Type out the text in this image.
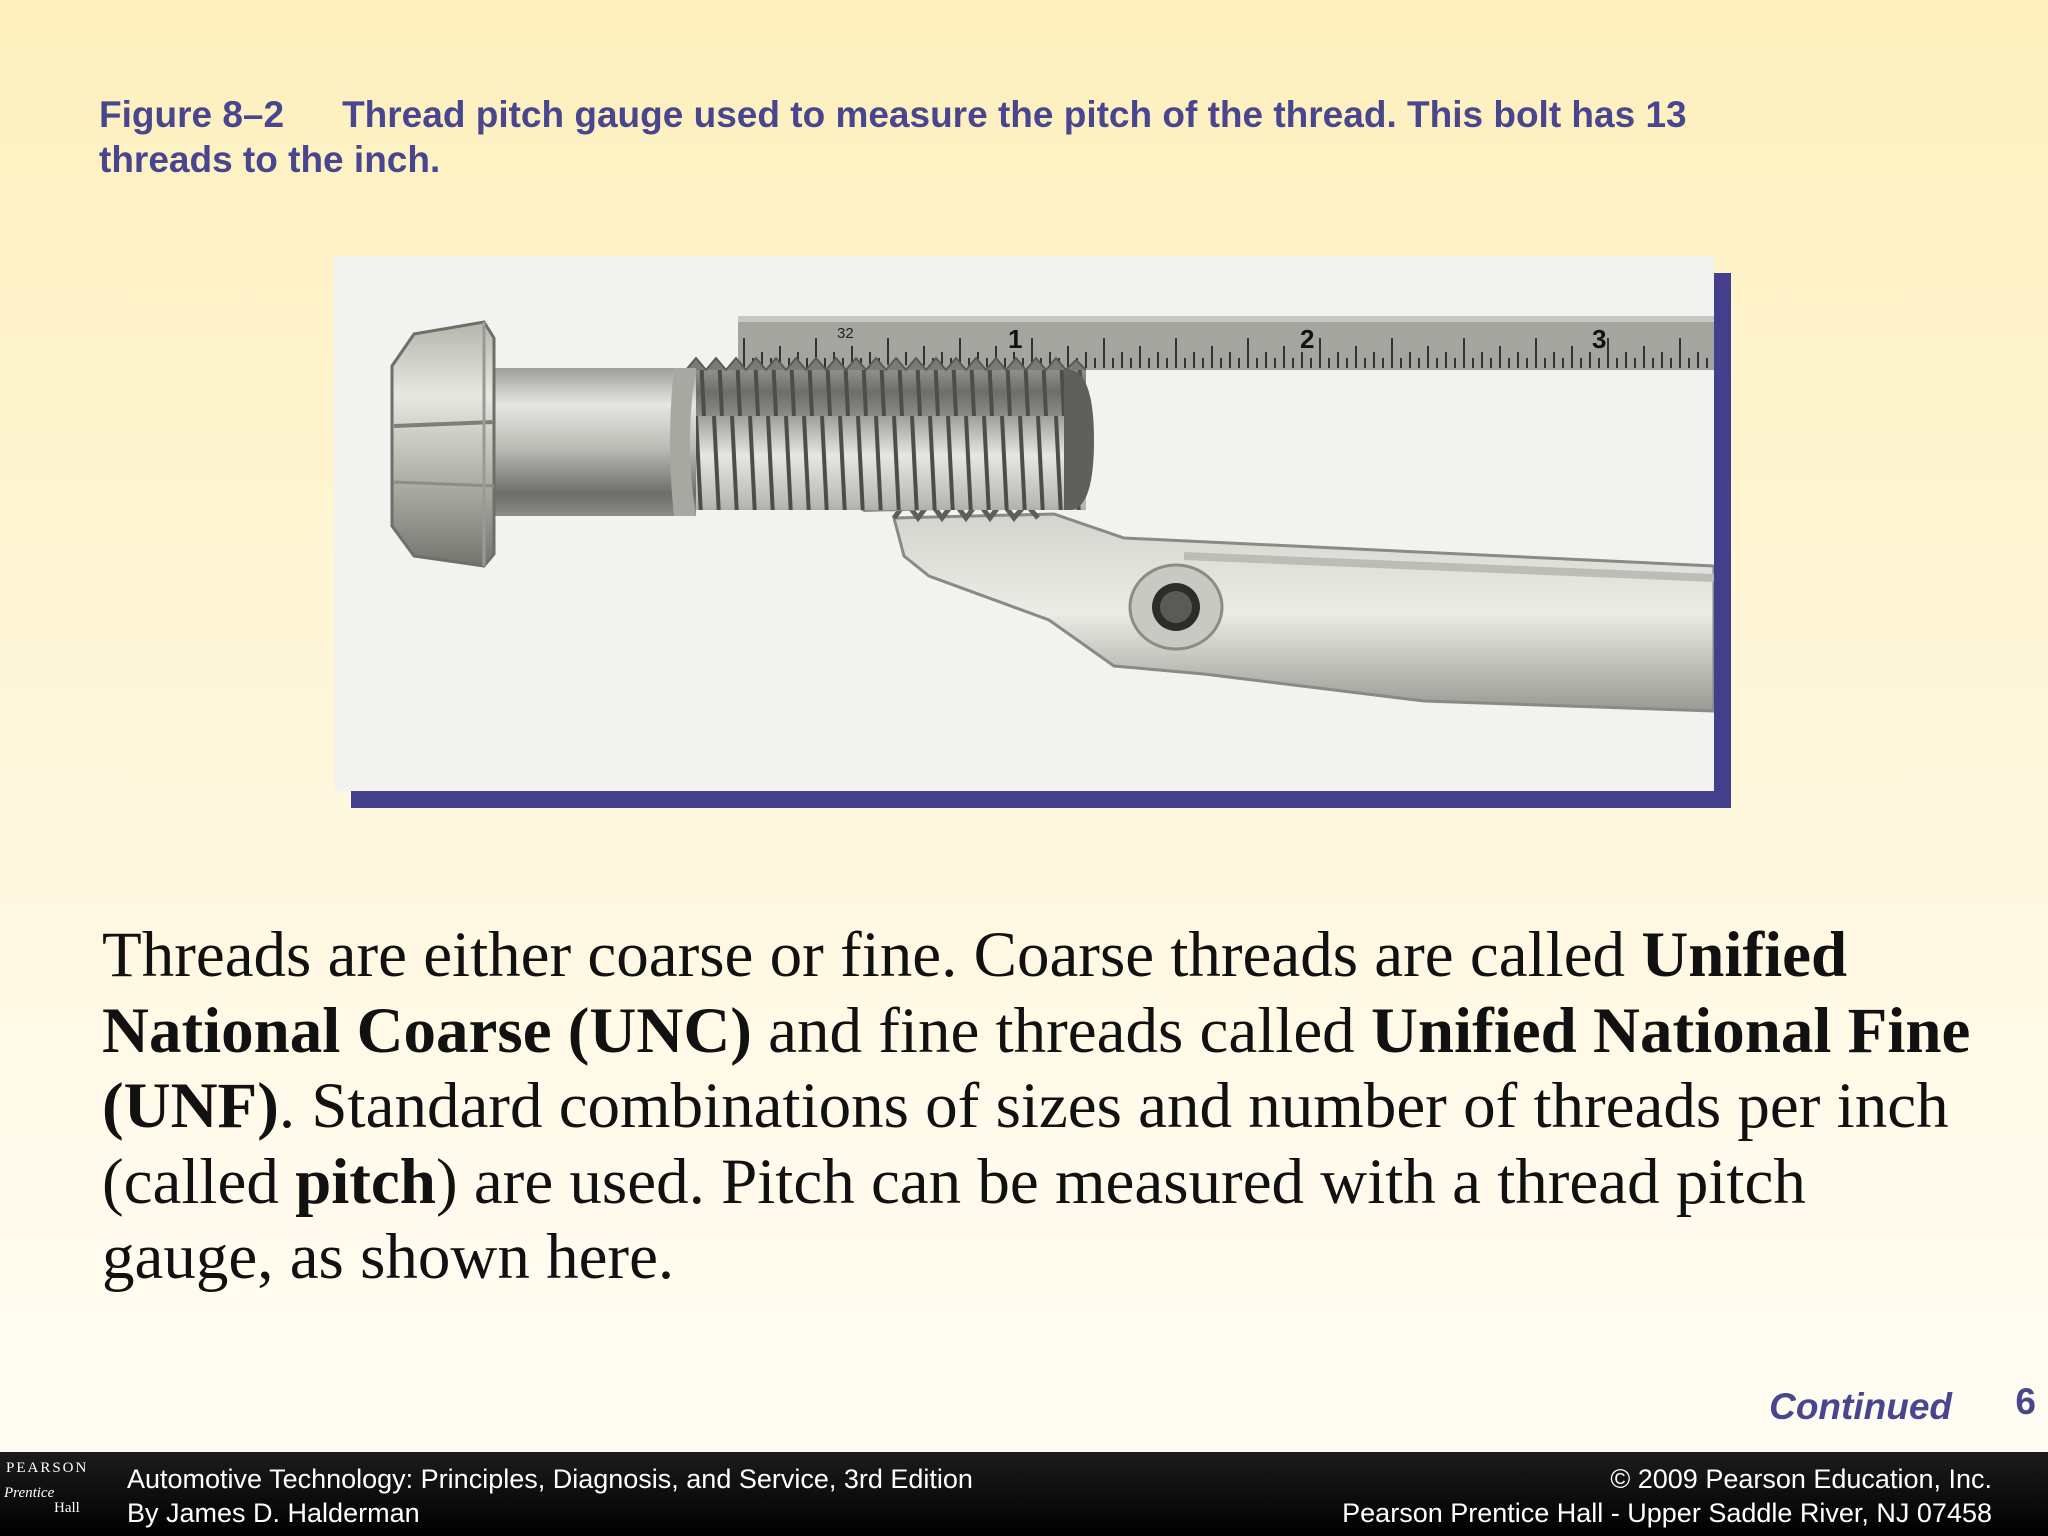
Figure 8–2 Thread pitch gauge used to measure the pitch of the thread. This bolt has 13 threads to the inch.
32	1	2	3
Threads are either coarse or fine. Coarse threads are called Unified National Coarse (UNC) and fine threads called Unified National Fine (UNF). Standard combinations of sizes and number of threads per inch (called pitch) are used. Pitch can be measured with a thread pitch gauge, as shown here.
Continued 6
PEARSON
Prentice
Hall
Automotive Technology: Principles, Diagnosis, and Service, 3rd Edition
By James D. Halderman
© 2009 Pearson Education, Inc.
Pearson Prentice Hall - Upper Saddle River, NJ 07458
